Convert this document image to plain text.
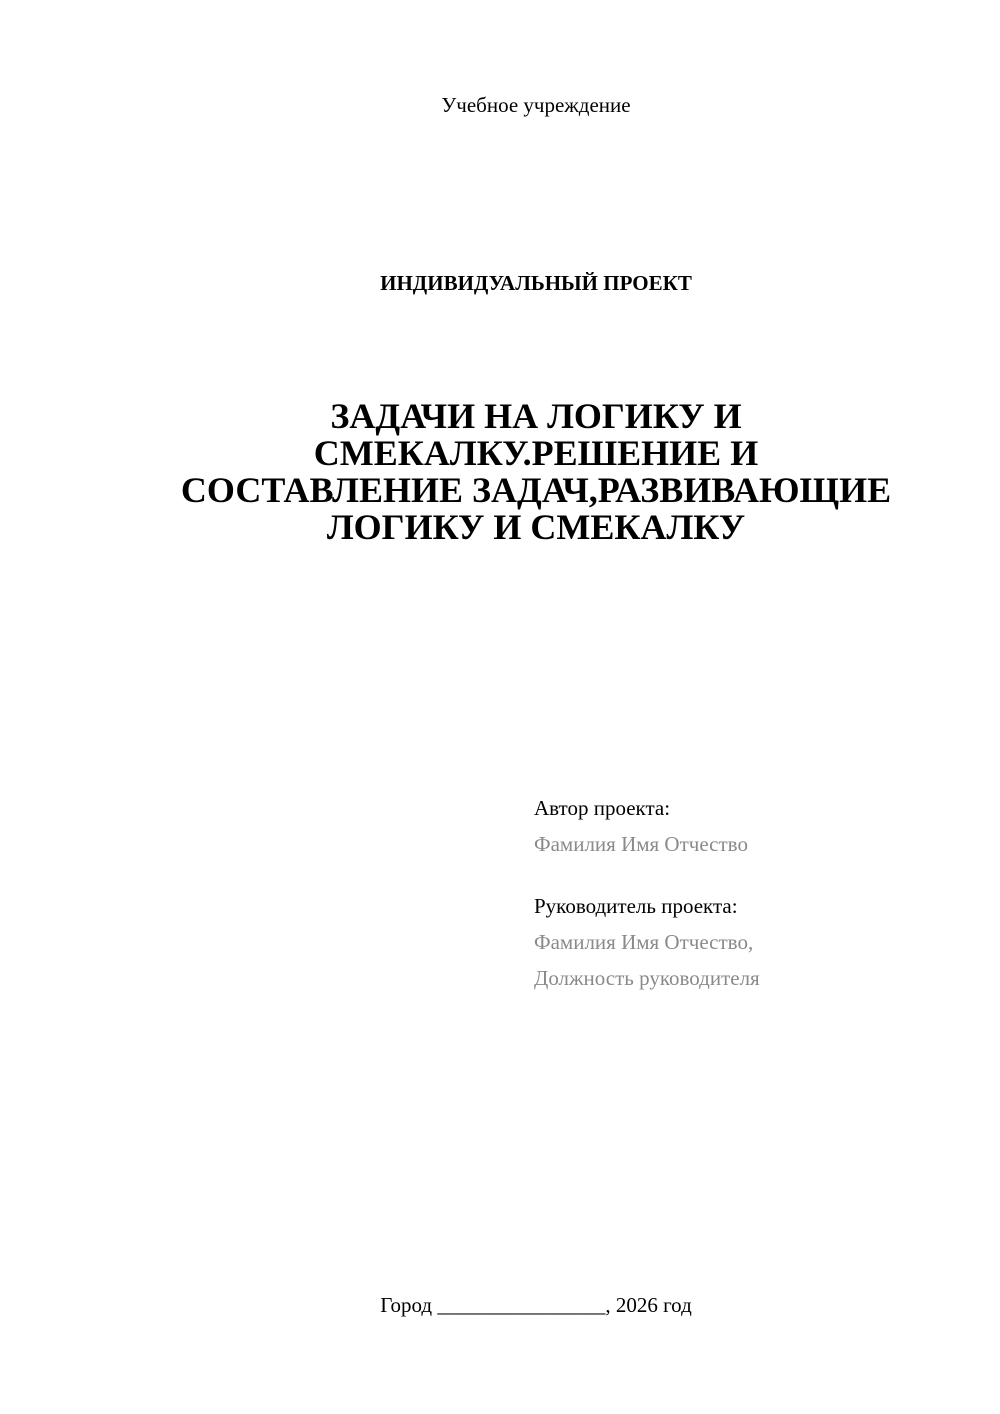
Учебное учреждение
ИНДИВИДУАЛЬНЫЙ ПРОЕКТ
ЗАДАЧИ НА ЛОГИКУ И
СМЕКАЛКУ.РЕШЕНИЕ И
СОСТАВЛЕНИЕ ЗАДАЧ,РАЗВИВАЮЩИЕ
ЛОГИКУ И СМЕКАЛКУ
Автор проекта:
Фамилия Имя Отчество
Руководитель проекта:
Фамилия Имя Отчество,
Должность руководителя
Город ________________, 2026 год
